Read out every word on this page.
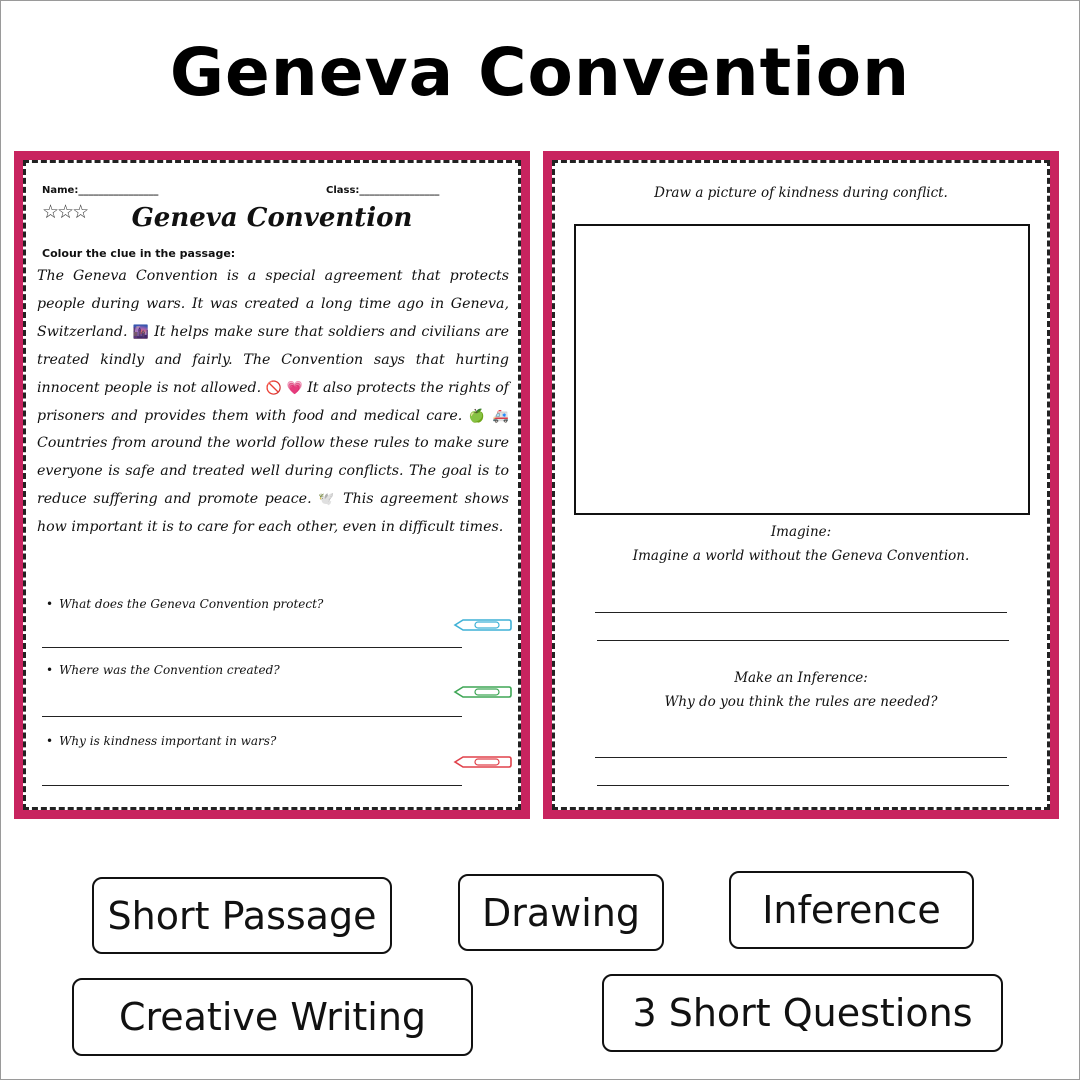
Geneva Convention
Name:________________	Class:________________
☆☆☆	Geneva Convention
Colour the clue in the passage:

The Geneva Convention is a special agreement that protects people during wars. It was created a long time ago in Geneva, Switzerland. 🌆 It helps make sure that soldiers and civilians are treated kindly and fairly. The Convention says that hurting innocent people is not allowed. 🚫 💗 It also protects the rights of prisoners and provides them with food and medical care. 🍏 🚑 Countries from around the world follow these rules to make sure everyone is safe and treated well during conflicts. The goal is to reduce suffering and promote peace. 🕊️ This agreement shows how important it is to care for each other, even in difficult times.

• What does the Geneva Convention protect?
• Where was the Convention created?
• Why is kindness important in wars?
Draw a picture of kindness during conflict.
Imagine:
Imagine a world without the Geneva Convention.
Make an Inference:
Why do you think the rules are needed?
Short Passage	Drawing	Inference
Creative Writing	3 Short Questions
